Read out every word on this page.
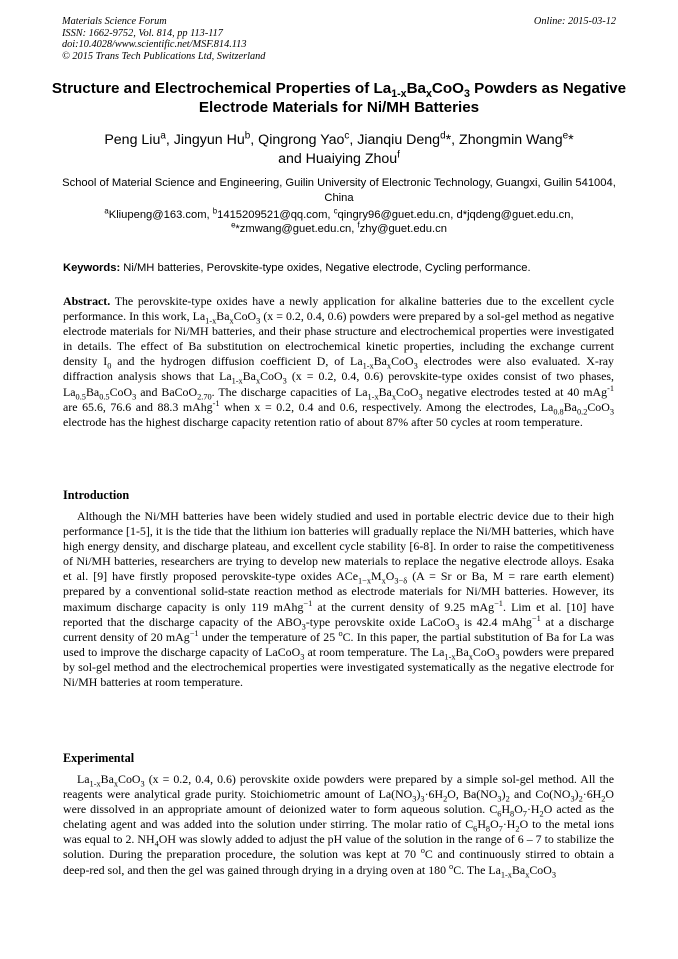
Materials Science Forum
ISSN: 1662-9752, Vol. 814, pp 113-117
doi:10.4028/www.scientific.net/MSF.814.113
© 2015 Trans Tech Publications Ltd, Switzerland
Online: 2015-03-12
Structure and Electrochemical Properties of $La_{1-x}Ba_xCoO_3$ Powders as Negative Electrode Materials for Ni/MH Batteries
Peng Liu$^a$, Jingyun Hu$^b$, Qingrong Yao$^c$, Jianqiu Deng$^d$*, Zhongmin Wang$^e$*
and Huaiying Zhou$^f$
School of Material Science and Engineering, Guilin University of Electronic Technology, Guangxi, Guilin 541004, China
$^a$Kliupeng@163.com, $^b$1415209521@qq.com, $^c$qingry96@guet.edu.cn, d*jqdeng@guet.edu.cn,
$^e$*zmwang@guet.edu.cn, $^f$zhy@guet.edu.cn
Keywords: Ni/MH batteries, Perovskite-type oxides, Negative electrode, Cycling performance.

Abstract. The perovskite-type oxides have a newly application for alkaline batteries due to the excellent cycle performance. In this work, $La_{1-x}Ba_xCoO_3$ (x = 0.2, 0.4, 0.6) powders were prepared by a sol-gel method as negative electrode materials for Ni/MH batteries, and their phase structure and electrochemical properties were investigated in details. The effect of Ba substitution on electrochemical kinetic properties, including the exchange current density $I_0$ and the hydrogen diffusion coefficient D, of $La_{1-x}Ba_xCoO_3$ electrodes were also evaluated. X-ray diffraction analysis shows that $La_{1-x}Ba_xCoO_3$ (x = 0.2, 0.4, 0.6) perovskite-type oxides consist of two phases, $La_{0.5}Ba_{0.5}CoO_3$ and BaCoO$_{2.70}$. The discharge capacities of $La_{1-x}Ba_xCoO_3$ negative electrodes tested at 40 mAg$^{-1}$ are 65.6, 76.6 and 88.3 mAhg$^{-1}$ when x = 0.2, 0.4 and 0.6, respectively. Among the electrodes, $La_{0.8}Ba_{0.2}CoO_3$ electrode has the highest discharge capacity retention ratio of about 87% after 50 cycles at room temperature.

Introduction

Although the Ni/MH batteries have been widely studied and used in portable electric device due to their high performance [1-5], it is the tide that the lithium ion batteries will gradually replace the Ni/MH batteries, which have high energy density, and discharge plateau, and excellent cycle stability [6-8]. In order to raise the competitiveness of Ni/MH batteries, researchers are trying to develop new materials to replace the negative electrode alloys. Esaka et al. [9] have firstly proposed perovskite-type oxides $ACe_{1-x}M_xO_{3-\delta}$ (A = Sr or Ba, M = rare earth element) prepared by a conventional solid-state reaction method as electrode materials for Ni/MH batteries. However, its maximum discharge capacity is only 119 mAhg$^{-1}$ at the current density of 9.25 mAg$^{-1}$. Lim et al. [10] have reported that the discharge capacity of the $ABO_3$-type perovskite oxide LaCoO$_3$ is 42.4 mAhg$^{-1}$ at a discharge current density of 20 mAg$^{-1}$ under the temperature of 25 $^o$C. In this paper, the partial substitution of Ba for La was used to improve the discharge capacity of LaCoO$_3$ at room temperature. The $La_{1-x}Ba_xCoO_3$ powders were prepared by sol-gel method and the electrochemical properties were investigated systematically as the negative electrode for Ni/MH batteries at room temperature.

Experimental

$La_{1-x}Ba_xCoO_3$ (x = 0.2, 0.4, 0.6) perovskite oxide powders were prepared by a simple sol-gel method. All the reagents were analytical grade purity. Stoichiometric amount of $La(NO_3)_3\cdot 6H_2O$, $Ba(NO_3)_2$ and $Co(NO_3)_2\cdot 6H_2O$ were dissolved in an appropriate amount of deionized water to form aqueous solution. $C_6H_8O_7\cdot H_2O$ acted as the chelating agent and was added into the solution under stirring. The molar ratio of $C_6H_8O_7\cdot H_2O$ to the metal ions was equal to 2. $NH_4OH$ was slowly added to adjust the pH value of the solution in the range of 6 – 7 to stabilize the solution. During the preparation procedure, the solution was kept at 70 $^o$C and continuously stirred to obtain a deep-red sol, and then the gel was gained through drying in a drying oven at 180 $^o$C. The $La_{1-x}Ba_xCoO_3$
